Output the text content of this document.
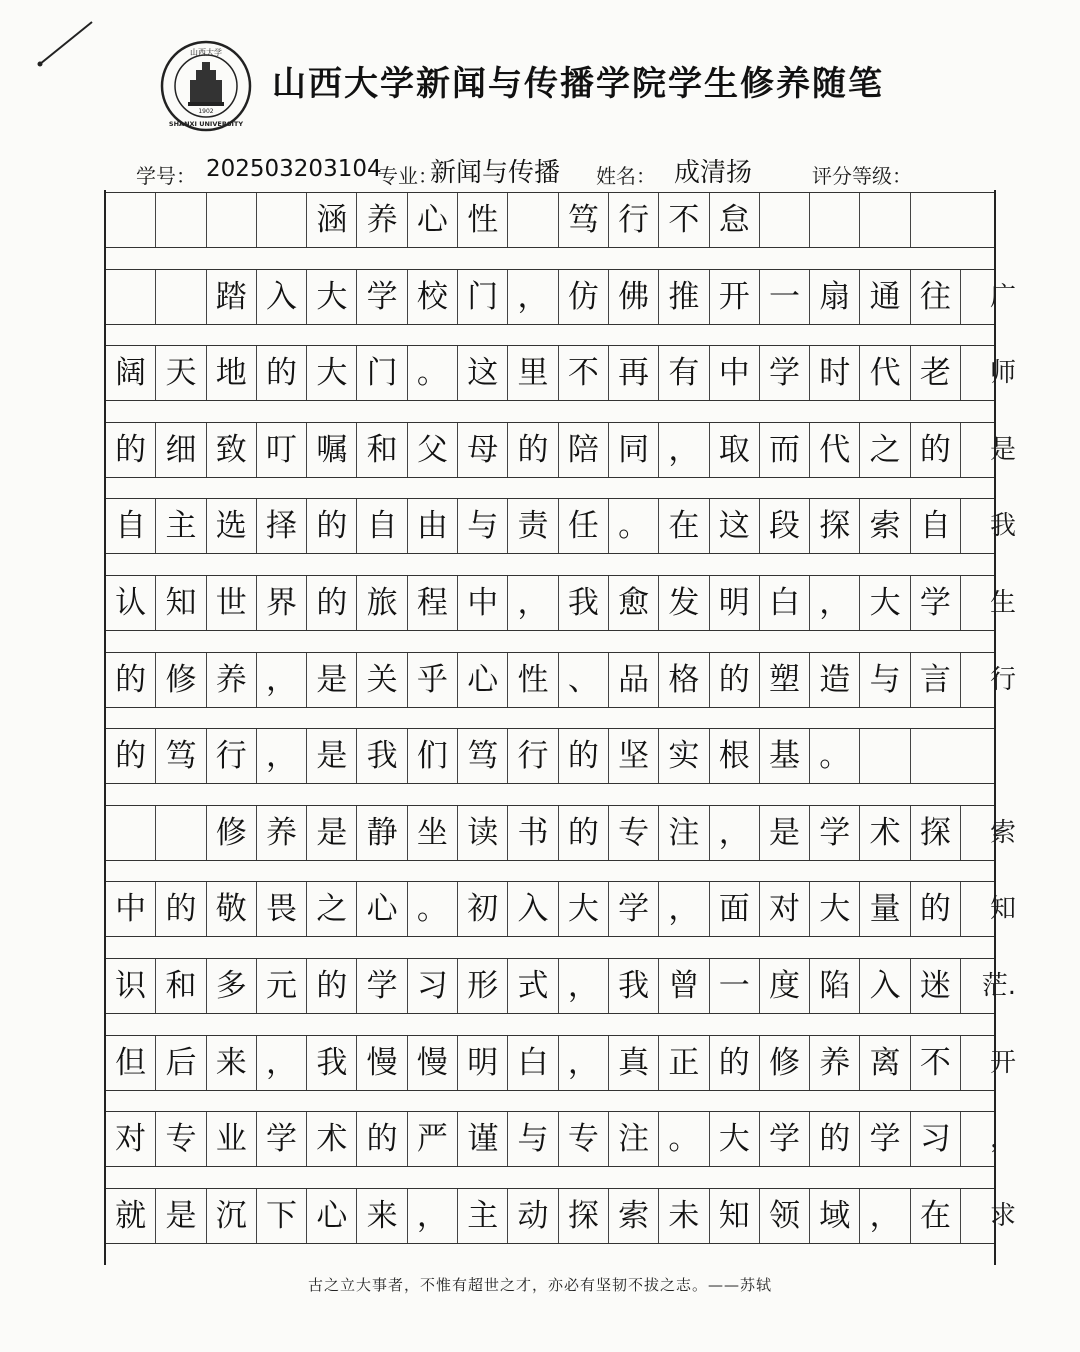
山西大学
SHANXI UNIVERSITY
1902
山西大学新闻与传播学院学生修养随笔
学号： 202503203104
专业：
新闻与传播 姓名： 成清扬	评分等级：
涵 养 心 性	笃 行 不 怠
踏 入 大 学 校 门 ， 仿 佛 推 开 一 扇 通 往	广
阔 天 地 的 大 门 。 这 里 不 再 有 中 学 时 代 老	师
的 细 致 叮 嘱 和 父 母 的 陪 同 ， 取 而 代 之 的	是
自 主 选 择 的 自 由 与 责 任 。 在 这 段 探 索 自	我
认 知 世 界 的 旅 程 中 ， 我 愈 发 明 白 ， 大 学	生
的 修 养 ， 是 关 乎 心 性 、 品 格 的 塑 造 与 言	行
的 笃 行 ， 是 我 们 笃 行 的 坚 实 根 基 。
修 养 是 静 坐 读 书 的 专 注 ， 是 学 术 探	索
中 的 敬 畏 之 心 。 初 入 大 学 ， 面 对 大 量 的	知
识 和 多 元 的 学 习 形 式 ， 我 曾 一 度 陷 入 迷	茫.
但 后 来 ， 我 慢 慢 明 白 ， 真 正 的 修 养 离 不	开
对 专 业 学 术 的 严 谨 与 专 注 。 大 学 的 学 习	，
就 是 沉 下 心 来 ， 主 动 探 索 未 知 领 域 ， 在	求
古之立大事者，不惟有超世之才，亦必有坚韧不拔之志。——苏轼
